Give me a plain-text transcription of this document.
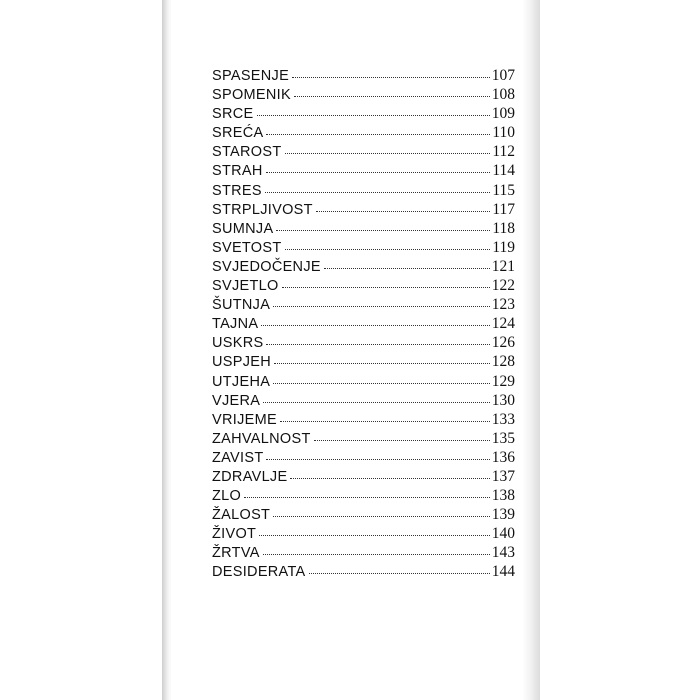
SPASENJE	107
SPOMENIK	108
SRCE	109
SREĆA	110
STAROST	112
STRAH	114
STRES	115
STRPLJIVOST	117
SUMNJA	118
SVETOST	119
SVJEDOČENJE	121
SVJETLO	122
ŠUTNJA	123
TAJNA	124
USKRS	126
USPJEH	128
UTJEHA	129
VJERA	130
VRIJEME	133
ZAHVALNOST	135
ZAVIST	136
ZDRAVLJE	137
ZLO	138
ŽALOST	139
ŽIVOT	140
ŽRTVA	143
DESIDERATA	144
